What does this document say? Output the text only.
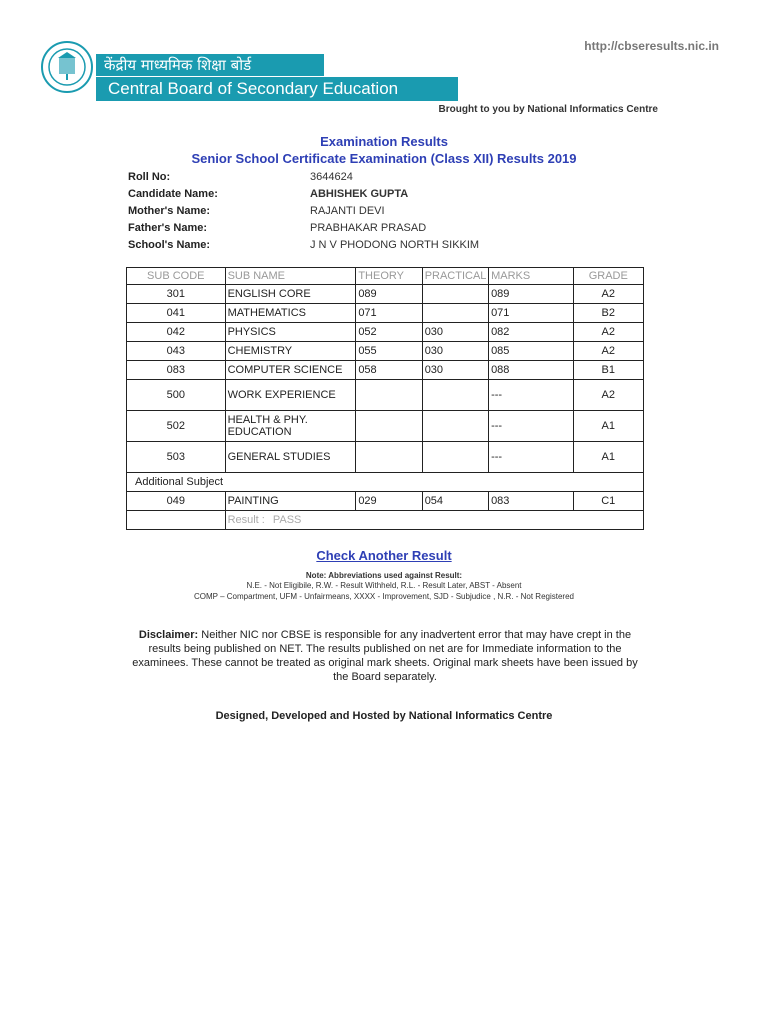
केंद्रीय माध्यमिक शिक्षा बोर्ड
Central Board of Secondary Education
http://cbseresults.nic.in
Brought to you by National Informatics Centre
Examination Results
Senior School Certificate Examination (Class XII) Results 2019
Roll No:	3644624
Candidate Name:	ABHISHEK GUPTA
Mother's Name:	RAJANTI DEVI
Father's Name:	PRABHAKAR PRASAD
School's Name:	J N V PHODONG NORTH SIKKIM
SUB CODE	SUB NAME	THEORY	PRACTICAL	MARKS	GRADE
301	ENGLISH CORE	089		089	A2
041	MATHEMATICS	071		071	B2
042	PHYSICS	052	030	082	A2
043	CHEMISTRY	055	030	085	A2
083	COMPUTER SCIENCE	058	030	088	B1
500	WORK EXPERIENCE			---	A2
502	HEALTH & PHY. EDUCATION			---	A1
503	GENERAL STUDIES			---	A1
Additional Subject					
049	PAINTING	029	054	083	C1
	Result : PASS				
Check Another Result
Note: Abbreviations used against Result:
N.E. - Not Eligibile, R.W. - Result Withheld, R.L. - Result Later, ABST - Absent
COMP – Compartment, UFM - Unfairmeans, XXXX - Improvement, SJD - Subjudice , N.R. - Not Registered
Disclaimer: Neither NIC nor CBSE is responsible for any inadvertent error that may have crept in the results being published on NET. The results published on net are for Immediate information to the examinees. These cannot be treated as original mark sheets. Original mark sheets have been issued by the Board separately.
Designed, Developed and Hosted by National Informatics Centre
